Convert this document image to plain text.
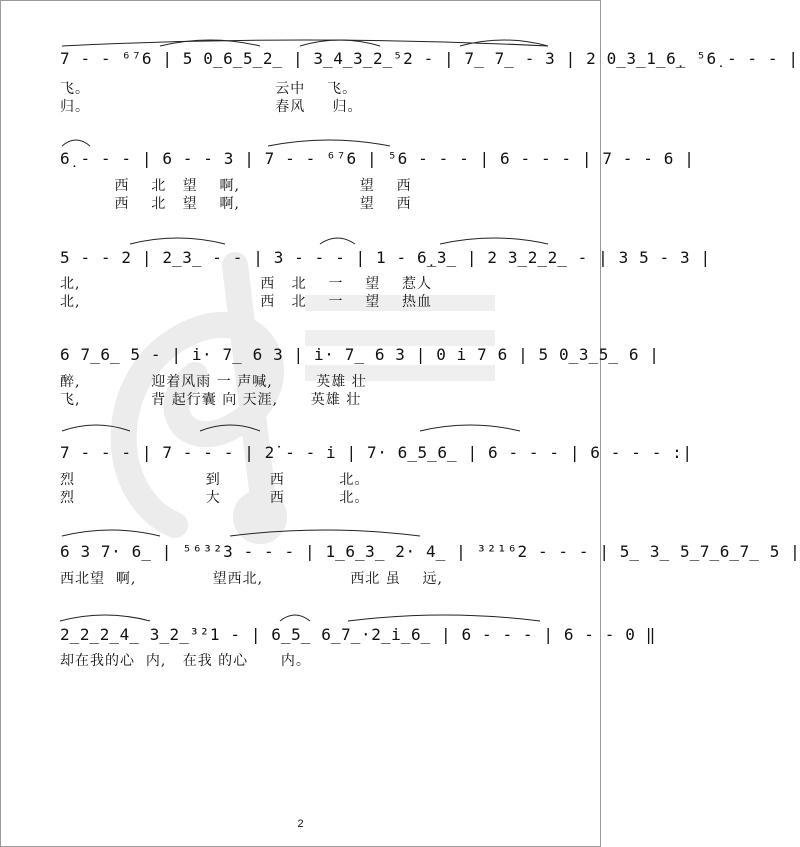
7 - - ⁶⁷6 | 5 0̲6̲5̲2̲ | 3̲4̲3̲2̲⁵2 - | 7̲ 7̲ - 3 | 2 0̲3̲1̲6̣̲ ⁵6̣ - - - |
飞。                                  云中    飞。
归。                                  春风     归。
6̣ - - - | 6 - - 3 | 7 - - ⁶⁷6 | ⁵6 - - - | 6 - - - | 7 - - 6 |
西    北   望    啊,                      望    西
西    北   望    啊,                      望    西
5 - - 2 | 2̲3̲ - - | 3 - - - | 1 - 6̣̲3̲ | 2 3̲2̲2̲ - | 3 5 - 3 |
北,                                 西   北    一    望    惹人
北,                                 西   北    一    望    热血
6 7̲6̲ 5 - | i· 7̲ 6 3 | i· 7̲ 6 3 | 0 i 7 6 | 5 0̲3̲5̲ 6 |
醉,             迎着风雨 一 声喊,        英雄 壮
飞,             背 起行囊 向 天涯,      英雄 壮
7 - - - | 7 - - - | 2̇ - - i | 7· 6̲5̲6̲ | 6 - - - | 6 - - - :|
烈                        到         西          北。
烈                        大         西          北。
6 3 7· 6̲ | ⁵⁶³²3 - - - | 1̲6̲3̲ 2· 4̲ | ³²¹⁶2 - - - | 5̲ 3̲ 5̲7̲6̲7̲ 5 |
西北望  啊,              望西北,                西北 虽    远,
2̲2̲2̲4̲ 3̲2̲³²1 - | 6̲5̲ 6̲7̲·2̲i̲6̲ | 6 - - - | 6 - - 0 ‖
却在我的心  内,   在我 的心      内。
2
